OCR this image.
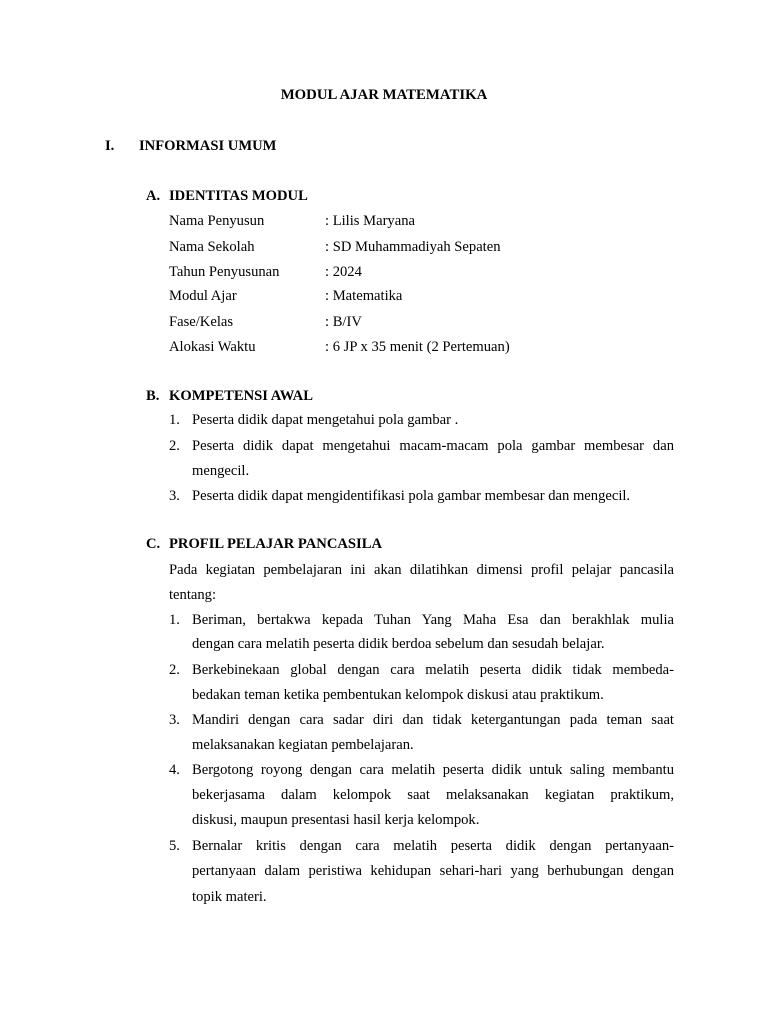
MODUL AJAR MATEMATIKA
I. INFORMASI UMUM
A. IDENTITAS MODUL
Nama Penyusun	: Lilis Maryana
Nama Sekolah	: SD Muhammadiyah Sepaten
Tahun Penyusunan	: 2024
Modul Ajar	: Matematika
Fase/Kelas	: B/IV
Alokasi Waktu	: 6 JP x 35 menit (2 Pertemuan)
B. KOMPETENSI AWAL
1. Peserta didik dapat mengetahui pola gambar .
2. Peserta didik dapat mengetahui macam-macam pola gambar membesar dan
mengecil.
3. Peserta didik dapat mengidentifikasi pola gambar membesar dan mengecil.
C. PROFIL PELAJAR PANCASILA
Pada kegiatan pembelajaran ini akan dilatihkan dimensi profil pelajar pancasila
tentang:
1. Beriman, bertakwa kepada Tuhan Yang Maha Esa dan berakhlak mulia
dengan cara melatih peserta didik berdoa sebelum dan sesudah belajar.
2. Berkebinekaan global dengan cara melatih peserta didik tidak membeda-
bedakan teman ketika pembentukan kelompok diskusi atau praktikum.
3. Mandiri dengan cara sadar diri dan tidak ketergantungan pada teman saat
melaksanakan kegiatan pembelajaran.
4. Bergotong royong dengan cara melatih peserta didik untuk saling membantu
bekerjasama dalam kelompok saat melaksanakan kegiatan praktikum,
diskusi, maupun presentasi hasil kerja kelompok.
5. Bernalar kritis dengan cara melatih peserta didik dengan pertanyaan-
pertanyaan dalam peristiwa kehidupan sehari-hari yang berhubungan dengan
topik materi.
